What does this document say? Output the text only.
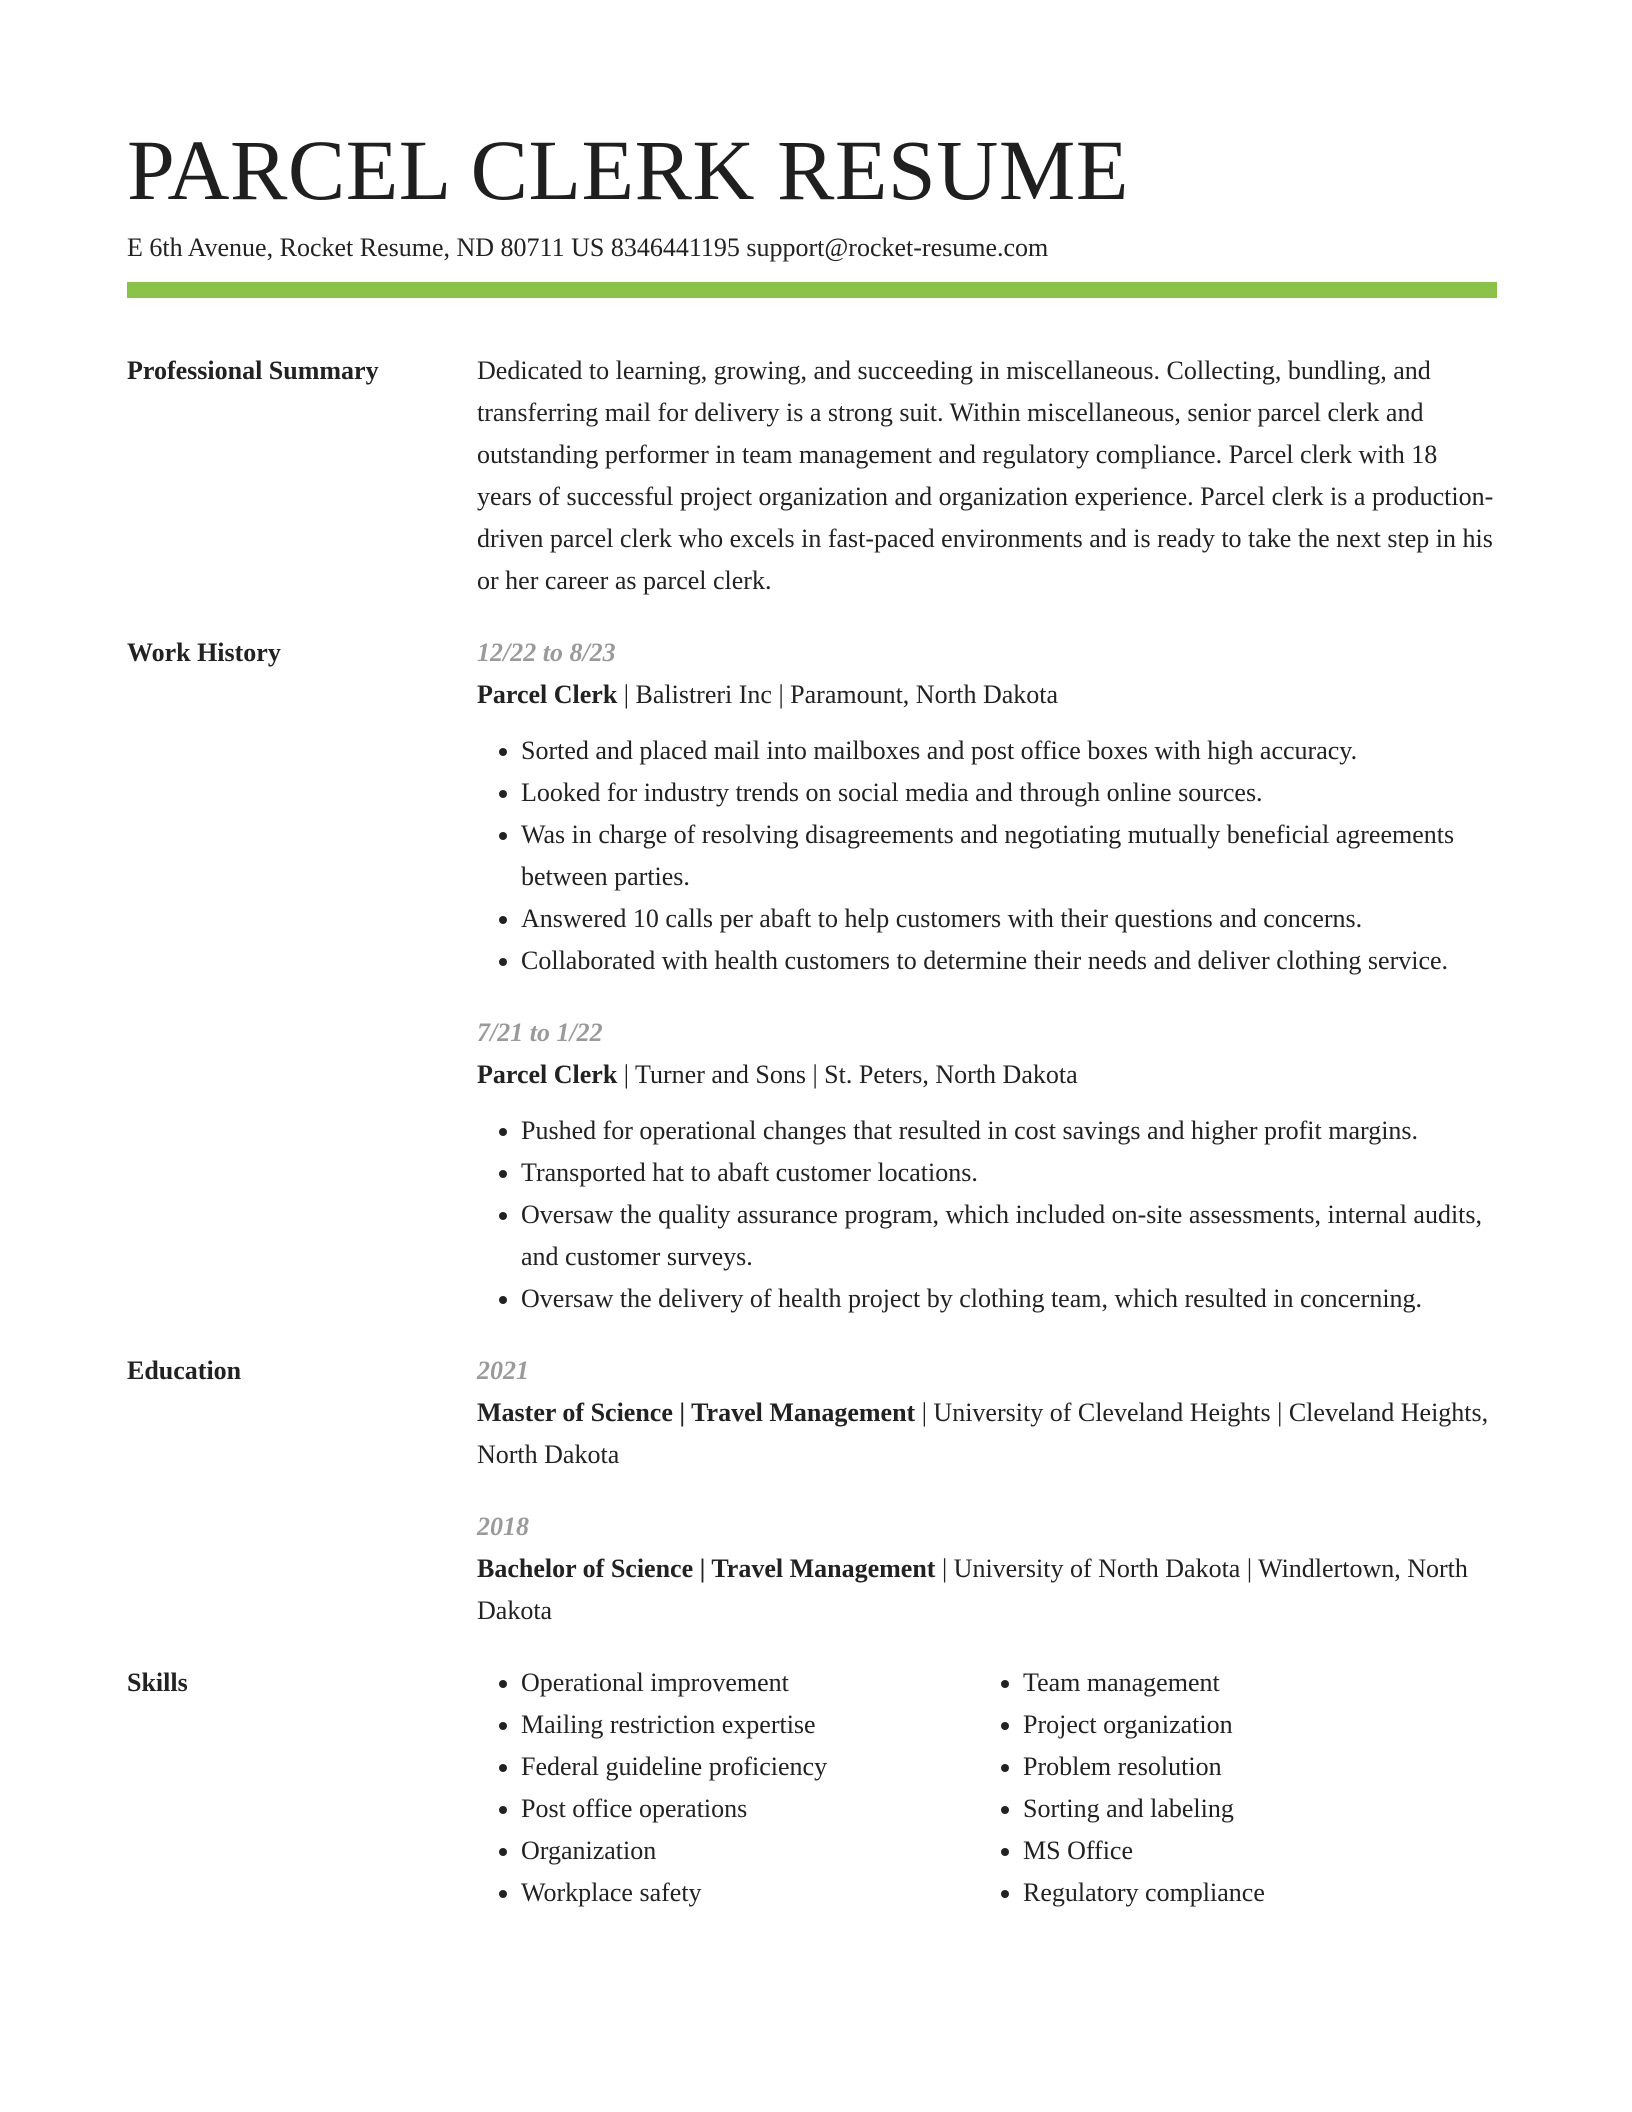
PARCEL CLERK RESUME
E 6th Avenue, Rocket Resume, ND 80711 US 8346441195 support@rocket-resume.com
Professional Summary	Dedicated to learning, growing, and succeeding in miscellaneous. Collecting, bundling, and transferring mail for delivery is a strong suit. Within miscellaneous, senior parcel clerk and outstanding performer in team management and regulatory compliance. Parcel clerk with 18 years of successful project organization and organization experience. Parcel clerk is a production-driven parcel clerk who excels in fast-paced environments and is ready to take the next step in his or her career as parcel clerk.
Work History	12/22 to 8/23
Parcel Clerk | Balistreri Inc | Paramount, North Dakota
• Sorted and placed mail into mailboxes and post office boxes with high accuracy.
• Looked for industry trends on social media and through online sources.
• Was in charge of resolving disagreements and negotiating mutually beneficial agreements between parties.
• Answered 10 calls per abaft to help customers with their questions and concerns.
• Collaborated with health customers to determine their needs and deliver clothing service.
7/21 to 1/22
Parcel Clerk | Turner and Sons | St. Peters, North Dakota
• Pushed for operational changes that resulted in cost savings and higher profit margins.
• Transported hat to abaft customer locations.
• Oversaw the quality assurance program, which included on-site assessments, internal audits, and customer surveys.
• Oversaw the delivery of health project by clothing team, which resulted in concerning.
Education	2021
Master of Science | Travel Management | University of Cleveland Heights | Cleveland Heights, North Dakota
2018
Bachelor of Science | Travel Management | University of North Dakota | Windlertown, North Dakota
Skills
•	Operational improvement
• Mailing restriction expertise
• Federal guideline proficiency
• Post office operations
• Organization
• Workplace safety
• Team management
• Project organization
• Problem resolution
• Sorting and labeling
• MS Office
• Regulatory compliance
